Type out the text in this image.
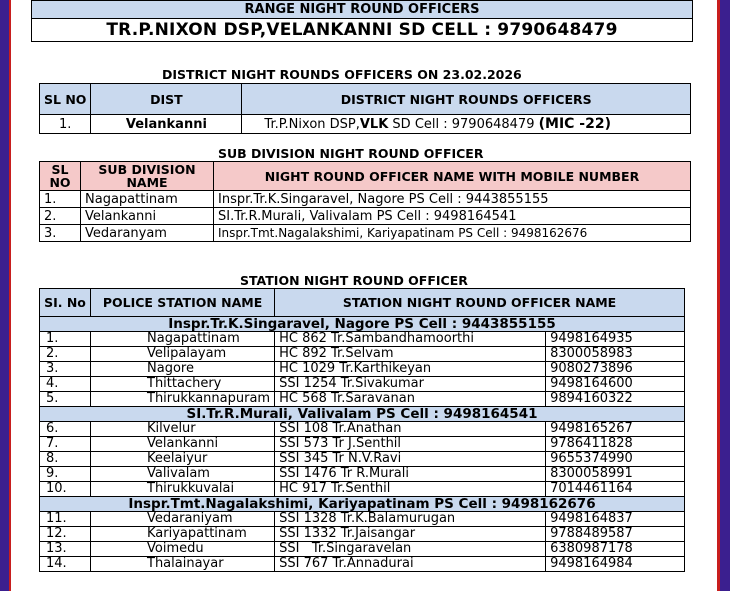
RANGE NIGHT ROUND OFFICERS
TR.P.NIXON DSP,VELANKANNI SD CELL : 9790648479
DISTRICT NIGHT ROUNDS OFFICERS ON 23.02.2026
SL NO	DIST	DISTRICT NIGHT ROUNDS OFFICERS
1.	Velankanni	Tr.P.Nixon DSP,VLK SD Cell : 9790648479 (MIC -22)
SUB DIVISION NIGHT ROUND OFFICER
SL NO	SUB DIVISION NAME	NIGHT ROUND OFFICER NAME WITH MOBILE NUMBER
1.	Nagapattinam	Inspr.Tr.K.Singaravel, Nagore PS Cell : 9443855155
2.	Velankanni	SI.Tr.R.Murali, Valivalam PS Cell : 9498164541
3.	Vedaranyam	Inspr.Tmt.Nagalakshimi, Kariyapatinam PS Cell : 9498162676
STATION NIGHT ROUND OFFICER
SI. No	POLICE STATION NAME	STATION NIGHT ROUND OFFICER NAME	
Inspr.Tr.K.Singaravel, Nagore PS Cell : 9443855155			
1.	Nagapattinam	HC 862 Tr.Sambandhamoorthi	9498164935
2.	Velipalayam	HC 892 Tr.Selvam	8300058983
3.	Nagore	HC 1029 Tr.Karthikeyan	9080273896
4.	Thittachery	SSI 1254 Tr.Sivakumar	9498164600
5.	Thirukkannapuram	HC 568 Tr.Saravanan	9894160322
SI.Tr.R.Murali, Valivalam PS Cell : 9498164541			
6.	Kilvelur	SSI 108 Tr.Anathan	9498165267
7.	Velankanni	SSI 573 Tr J.Senthil	9786411828
8.	Keelaiyur	SSI 345 Tr N.V.Ravi	9655374990
9.	Valivalam	SSI 1476 Tr R.Murali	8300058991
10.	Thirukkuvalai	HC 917 Tr.Senthil	7014461164
Inspr.Tmt.Nagalakshimi, Kariyapatinam PS Cell : 9498162676			
11.	Vedaraniyam	SSI 1328 Tr.K.Balamurugan	9498164837
12.	Kariyapattinam	SSI 1332 Tr.Jaisangar	9788489587
13.	Voimedu	SSI   Tr.Singaravelan	6380987178
14.	Thalainayar	SSI 767 Tr.Annadurai	9498164984
